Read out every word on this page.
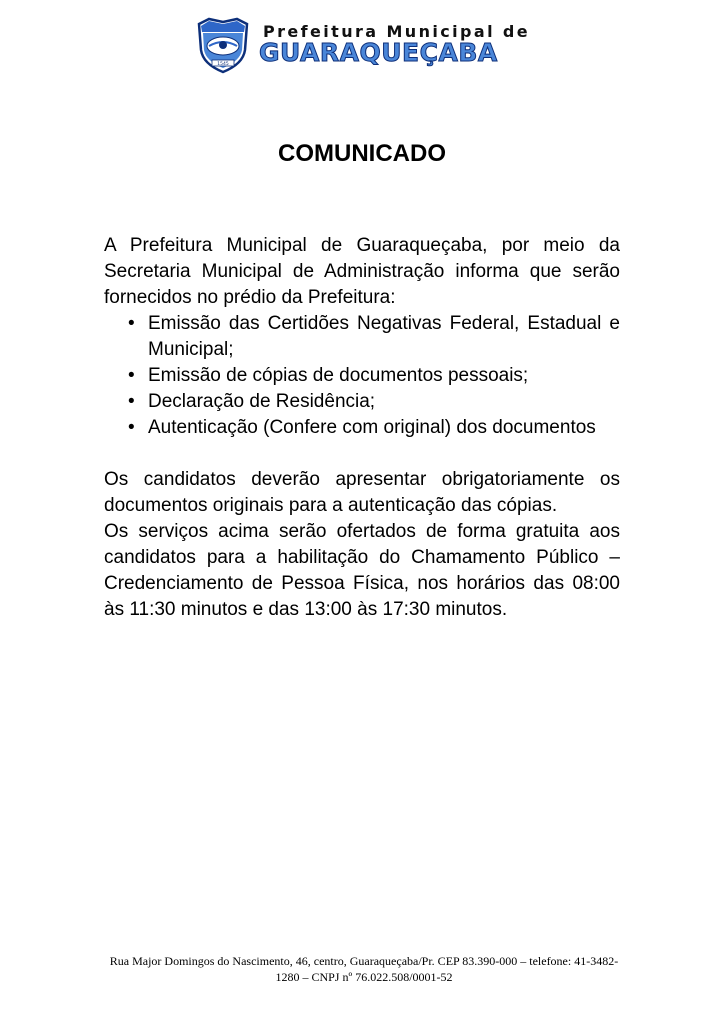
1545
Prefeitura Municipal de
GUARAQUEÇABA
COMUNICADO

A Prefeitura Municipal de Guaraqueçaba, por meio da Secretaria Municipal de Administração informa que serão fornecidos no prédio da Prefeitura:

• Emissão das Certidões Negativas Federal, Estadual e Municipal;
• Emissão de cópias de documentos pessoais;
• Declaração de Residência;
• Autenticação (Confere com original) dos documentos

Os candidatos deverão apresentar obrigatoriamente os documentos originais para a autenticação das cópias.

Os serviços acima serão ofertados de forma gratuita aos candidatos para a habilitação do Chamamento Público – Credenciamento de Pessoa Física, nos horários das 08:00 às 11:30 minutos e das 13:00 às 17:30 minutos.

Rua Major Domingos do Nascimento, 46, centro, Guaraqueçaba/Pr. CEP 83.390-000 – telefone: 41-3482-
1280 – CNPJ nº 76.022.508/0001-52
